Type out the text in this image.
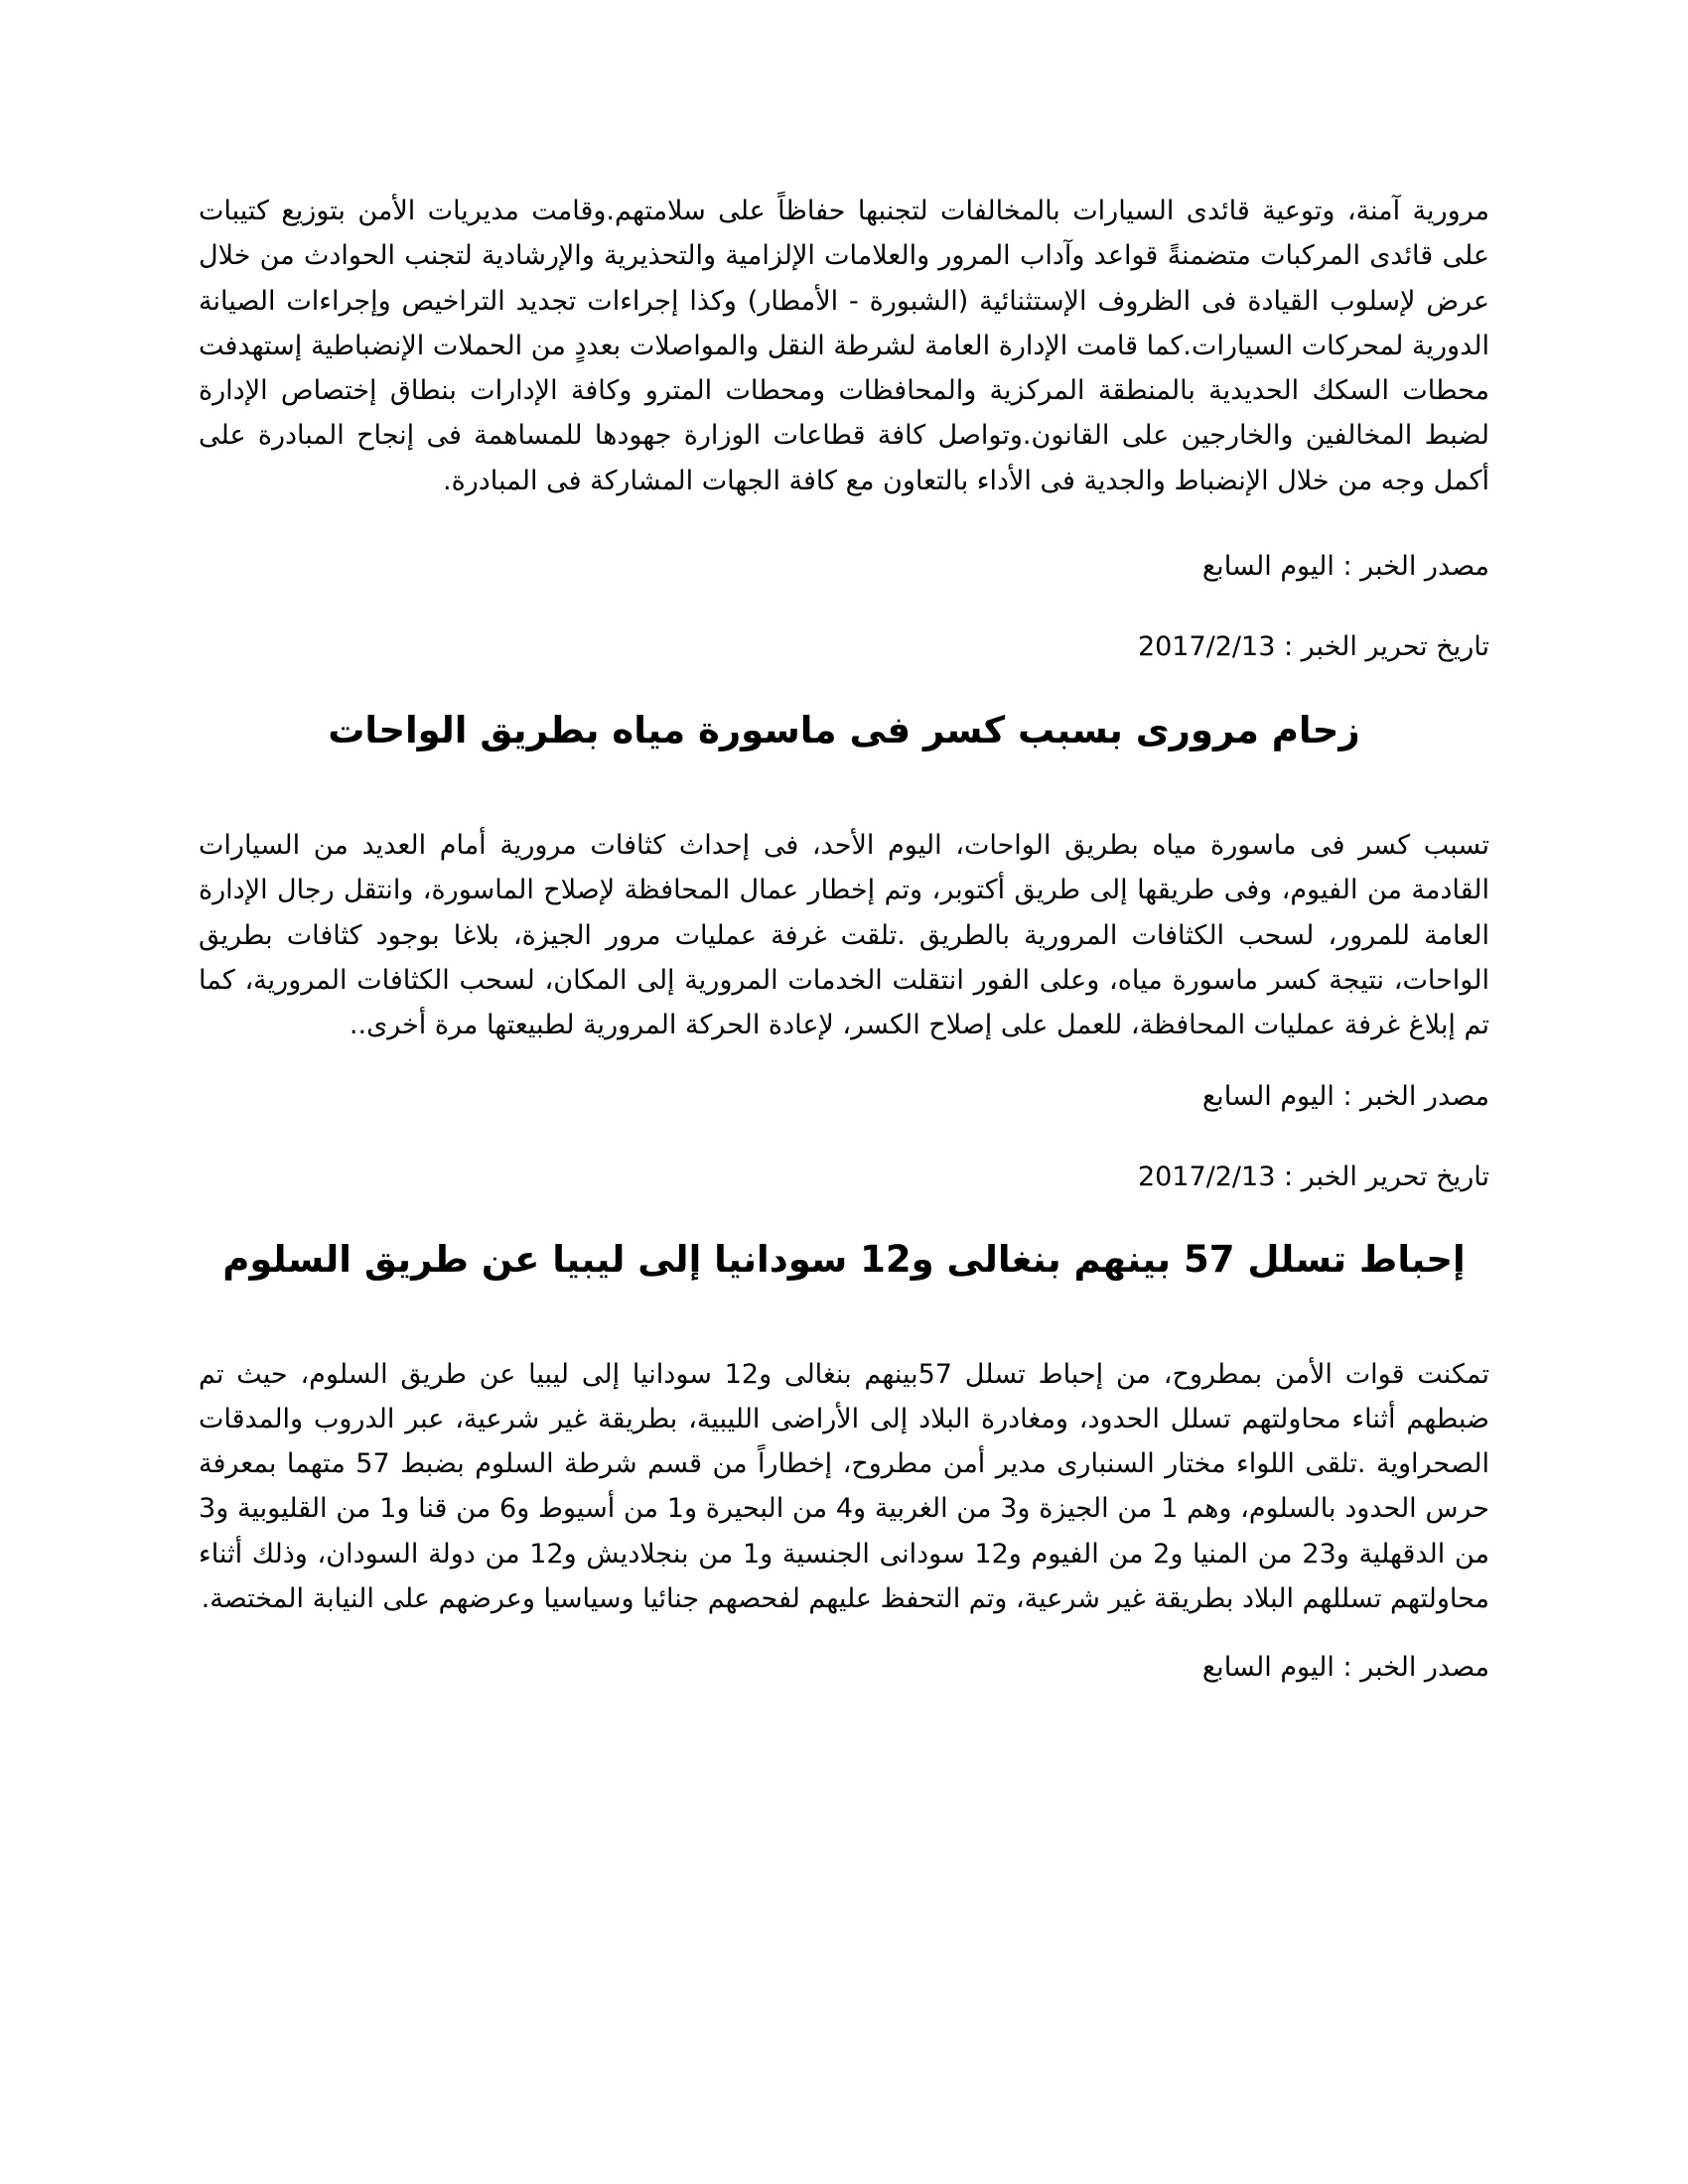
مرورية آمنة، وتوعية قائدى السيارات بالمخالفات لتجنبها حفاظاً على سلامتهم.وقامت مديريات الأمن بتوزيع كتيبات على قائدى المركبات متضمنةً قواعد وآداب المرور والعلامات الإلزامية والتحذيرية والإرشادية لتجنب الحوادث من خلال عرض لإسلوب القيادة فى الظروف الإستثنائية (الشبورة - الأمطار) وكذا إجراءات تجديد التراخيص وإجراءات الصيانة الدورية لمحركات السيارات.كما قامت الإدارة العامة لشرطة النقل والمواصلات بعددٍ من الحملات الإنضباطية إستهدفت محطات السكك الحديدية بالمنطقة المركزية والمحافظات ومحطات المترو وكافة الإدارات بنطاق إختصاص الإدارة لضبط المخالفين والخارجين على القانون.وتواصل كافة قطاعات الوزارة جهودها للمساهمة فى إنجاح المبادرة على أكمل وجه من خلال الإنضباط والجدية فى الأداء بالتعاون مع كافة الجهات المشاركة فى المبادرة.

مصدر الخبر : اليوم السابع

تاريخ تحرير الخبر : 2017/2/13

زحام مرورى بسبب كسر فى ماسورة مياه بطريق الواحات

تسبب كسر فى ماسورة مياه بطريق الواحات، اليوم الأحد، فى إحداث كثافات مرورية أمام العديد من السيارات القادمة من الفيوم، وفى طريقها إلى طريق أكتوبر، وتم إخطار عمال المحافظة لإصلاح الماسورة، وانتقل رجال الإدارة العامة للمرور، لسحب الكثافات المرورية بالطريق .تلقت غرفة عمليات مرور الجيزة، بلاغا بوجود كثافات بطريق الواحات، نتيجة كسر ماسورة مياه، وعلى الفور انتقلت الخدمات المرورية إلى المكان، لسحب الكثافات المرورية، كما تم إبلاغ غرفة عمليات المحافظة، للعمل على إصلاح الكسر، لإعادة الحركة المرورية لطبيعتها مرة أخرى..

مصدر الخبر : اليوم السابع

تاريخ تحرير الخبر : 2017/2/13

إحباط تسلل 57 بينهم بنغالى و12 سودانيا إلى ليبيا عن طريق السلوم

تمكنت قوات الأمن بمطروح، من إحباط تسلل 57بينهم بنغالى و12 سودانيا إلى ليبيا عن طريق السلوم، حيث تم ضبطهم أثناء محاولتهم تسلل الحدود، ومغادرة البلاد إلى الأراضى الليبية، بطريقة غير شرعية، عبر الدروب والمدقات الصحراوية .تلقى اللواء مختار السنبارى مدير أمن مطروح، إخطاراً من قسم شرطة السلوم بضبط 57 متهما بمعرفة حرس الحدود بالسلوم، وهم 1 من الجيزة و3 من الغربية و4 من البحيرة و1 من أسيوط و6 من قنا و1 من القليوبية و3 من الدقهلية و23 من المنيا و2 من الفيوم و12 سودانى الجنسية و1 من بنجلاديش و12 من دولة السودان، وذلك أثناء محاولتهم تسللهم البلاد بطريقة غير شرعية، وتم التحفظ عليهم لفحصهم جنائيا وسياسيا وعرضهم على النيابة المختصة.

مصدر الخبر : اليوم السابع
